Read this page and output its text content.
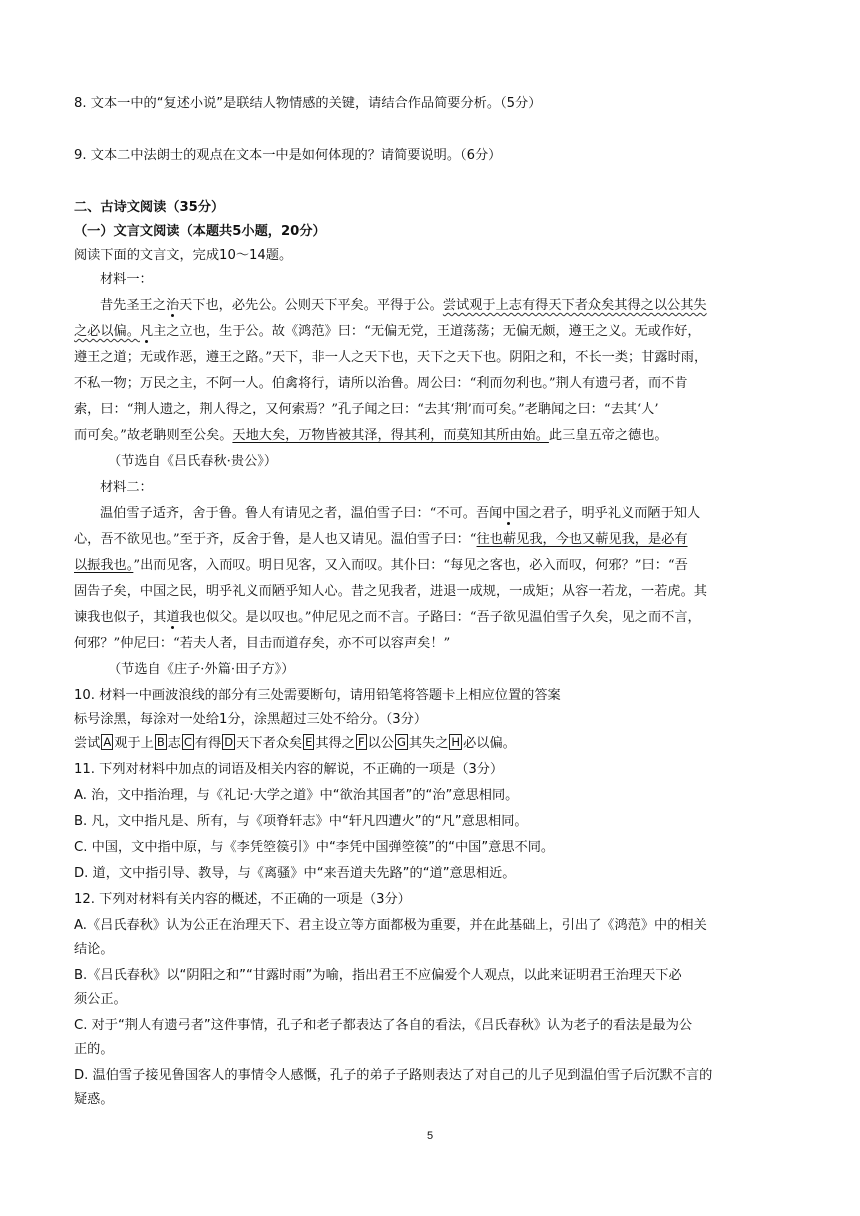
8. 文本一中的“复述小说”是联结人物情感的关键，请结合作品简要分析。（5分）
9. 文本二中法朗士的观点在文本一中是如何体现的？请简要说明。（6分）
二、古诗文阅读（35分）
（一）文言文阅读（本题共5小题，20分）
阅读下面的文言文，完成10～14题。
材料一：
昔先圣王之治天下也，必先公。公则天下平矣。平得于公。尝试观于上志有得天下者众矣其得之以公其失
之必以偏。凡主之立也，生于公。故《鸿范》曰：“无偏无党，王道荡荡；无偏无颇，遵王之义。无或作好，
遵王之道；无或作恶，遵王之路。”天下，非一人之天下也，天下之天下也。阴阳之和，不长一类；甘露时雨，
不私一物；万民之主，不阿一人。伯禽将行，请所以治鲁。周公曰：“利而勿利也。”荆人有遗弓者，而不肯
索，曰：“荆人遗之，荆人得之，又何索焉？”孔子闻之曰：“去其‘荆’而可矣。”老聃闻之曰：“去其‘人’
而可矣。”故老聃则至公矣。天地大矣，万物皆被其泽，得其利，而莫知其所由始。此三皇五帝之德也。
（节选自《吕氏春秋·贵公》）
材料二：
温伯雪子适齐，舍于鲁。鲁人有请见之者，温伯雪子曰：“不可。吾闻中国之君子，明乎礼义而陋于知人
心，吾不欲见也。”至于齐，反舍于鲁，是人也又请见。温伯雪子曰：“往也蕲见我，今也又蕲见我，是必有
以振我也。”出而见客，入而叹。明日见客，又入而叹。其仆曰：“每见之客也，必入而叹，何邪？”曰：“吾
固告子矣，中国之民，明乎礼义而陋乎知人心。昔之见我者，进退一成规，一成矩；从容一若龙，一若虎。其
谏我也似子，其道我也似父。是以叹也。”仲尼见之而不言。子路曰：“吾子欲见温伯雪子久矣，见之而不言，
何邪？”仲尼曰：“若夫人者，目击而道存矣，亦不可以容声矣！”
（节选自《庄子·外篇·田子方》）
10. 材料一中画波浪线的部分有三处需要断句，请用铅笔将答题卡上相应位置的答案
标号涂黑，每涂对一处给1分，涂黑超过三处不给分。（3分）
尝试 A 观于上 B 志 C 有得 D 天下者众矣 E 其得之 F 以公 G 其失之 H 必以偏。
11. 下列对材料中加点的词语及相关内容的解说，不正确的一项是（3分）
A. 治，文中指治理，与《礼记·大学之道》中“欲治其国者”的“治”意思相同。
B. 凡，文中指凡是、所有，与《项脊轩志》中“轩凡四遭火”的“凡”意思相同。
C. 中国，文中指中原，与《李凭箜篌引》中“李凭中国弹箜篌”的“中国”意思不同。
D. 道，文中指引导、教导，与《离骚》中“来吾道夫先路”的“道”意思相近。
12. 下列对材料有关内容的概述，不正确的一项是（3分）
A.《吕氏春秋》认为公正在治理天下、君主设立等方面都极为重要，并在此基础上，引出了《鸿范》中的相关
结论。
B.《吕氏春秋》以“阴阳之和”“甘露时雨”为喻，指出君王不应偏爱个人观点，以此来证明君王治理天下必
须公正。
C. 对于“荆人有遗弓者”这件事情，孔子和老子都表达了各自的看法，《吕氏春秋》认为老子的看法是最为公
正的。
D. 温伯雪子接见鲁国客人的事情令人感慨，孔子的弟子子路则表达了对自己的儿子见到温伯雪子后沉默不言的
疑惑。
5
